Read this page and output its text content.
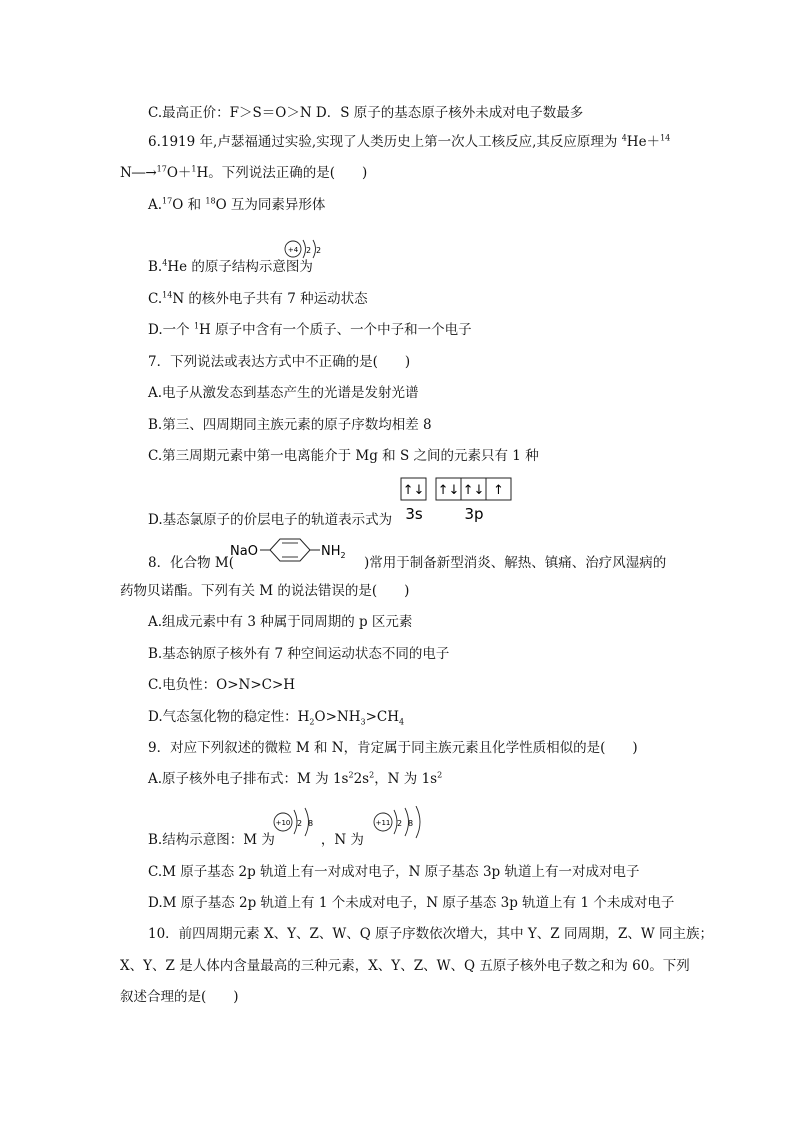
C.最高正价：F＞S＝O＞N D．S 原子的基态原子核外未成对电子数最多
6.1919 年,卢瑟福通过实验,实现了人类历史上第一次人工核反应,其反应原理为 $^4$He＋$^{14}$
N―→$^{17}$O＋$^1$H。下列说法正确的是(　　)
A.$^{17}$O 和 $^{18}$O 互为同素异形体
B.$^4$He 的原子结构示意图为
+4 2 2
C.$^{14}$N 的核外电子共有 7 种运动状态
D.一个 $^1$H 原子中含有一个质子、一个中子和一个电子
7．下列说法或表达方式中不正确的是(　　)
A.电子从激发态到基态产生的光谱是发射光谱
B.第三、四周期同主族元素的原子序数均相差 8
C.第三周期元素中第一电离能介于 Mg 和 S 之间的元素只有 1 种
↑↓ ↑↓ ↑↓ ↑
3s	3p
D.基态氯原子的价层电子的轨道表示式为
8．化合物 M(	)常用于制备新型消炎、解热、镇痛、治疗风湿病的
NaO	$NH_2$
药物贝诺酯。下列有关 M 的说法错误的是(　　)
A.组成元素中有 3 种属于同周期的 p 区元素
B.基态钠原子核外有 7 种空间运动状态不同的电子
C.电负性：O>N>C>H
D.气态氢化物的稳定性：$H_2O>NH_3>CH_4$
9．对应下列叙述的微粒 M 和 N，肯定属于同主族元素且化学性质相似的是(　　)
A.原子核外电子排布式：M 为 $1s^22s^2$，N 为 $1s^2$
B.结构示意图：M 为	，N 为
+10 2 8	+11 2 8
C.M 原子基态 2p 轨道上有一对成对电子，N 原子基态 3p 轨道上有一对成对电子
D.M 原子基态 2p 轨道上有 1 个未成对电子，N 原子基态 3p 轨道上有 1 个未成对电子
10．前四周期元素 X、Y、Z、W、Q 原子序数依次增大，其中 Y、Z 同周期，Z、W 同主族；
X、Y、Z 是人体内含量最高的三种元素，X、Y、Z、W、Q 五原子核外电子数之和为 60。下列
叙述合理的是(　　)
